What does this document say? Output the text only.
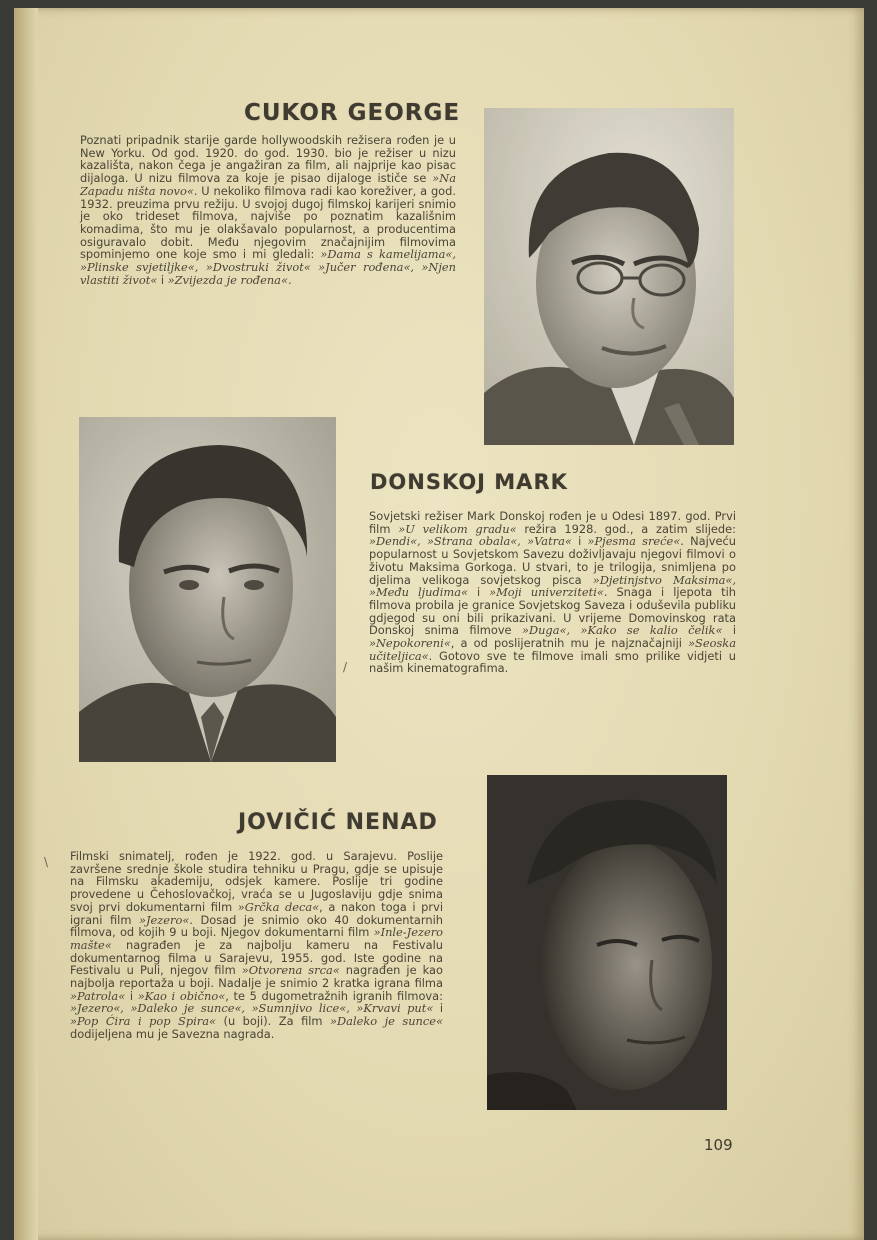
CUKOR GEORGE

Poznati pripadnik starije garde hollywoodskih režisera rođen je u New Yorku. Od god. 1920. do god. 1930. bio je režiser u nizu kazališta, nakon čega je angažiran za film, ali najprije kao pisac dijaloga. U nizu filmova za koje je pisao dijaloge ističe se »Na Zapadu ništa novo«. U nekoliko filmova radi kao koreživer, a god. 1932. preuzima prvu režiju. U svojoj dugoj filmskoj karijeri snimio je oko trideset filmova, najviše po poznatim kazališnim komadima, što mu je olakšavalo popularnost, a producentima osiguravalo dobit. Među njegovim značajnijim filmovima spominjemo one koje smo i mi gledali: »Dama s kamelijama«, »Plinske svjetiljke«, »Dvostruki život« »Jučer rođena«, »Njen vlastiti život« i »Zvijezda je rođena«.

DONSKOJ MARK

Sovjetski režiser Mark Donskoj rođen je u Odesi 1897. god. Prvi film »U velikom gradu« režira 1928. god., a zatim slijede: »Dendi«, »Strana obala«, »Vatra« i »Pjesma sreće«. Najveću popularnost u Sovjetskom Savezu doživljavaju njegovi filmovi o životu Maksima Gorkoga. U stvari, to je trilogija, snimljena po djelima velikoga sovjetskog pisca »Djetinjstvo Maksima«, »Među ljudima« i »Moji univerziteti«. Snaga i ljepota tih filmova probila je granice Sovjetskog Saveza i oduševila publiku gdjegod su oni bili prikazivani. U vrijeme Domovinskog rata Donskoj snima filmove »Duga«, »Kako se kalio čelik« i »Nepokoreni«, a od poslijeratnih mu je najznačajniji »Seoska učiteljica«. Gotovo sve te filmove imali smo prilike vidjeti u našim kinematografima.

/
JOVIČIĆ NENAD

Filmski snimatelj, rođen je 1922. god. u Sarajevu. Poslije završene srednje škole studira tehniku u Pragu, gdje se upisuje na Filmsku akademiju, odsjek kamere. Poslije tri godine provedene u Čehoslovačkoj, vraća se u Jugoslaviju gdje snima svoj prvi dokumentarni film »Grčka deca«, a nakon toga i prvi igrani film »Jezero«. Dosad je snimio oko 40 dokumentarnih filmova, od kojih 9 u boji. Njegov dokumentarni film »Inle-Jezero mašte« nagrađen je za najbolju kameru na Festivalu dokumentarnog filma u Sarajevu, 1955. god. Iste godine na Festivalu u Puli, njegov film »Otvorena srca« nagrađen je kao najbolja reportaža u boji. Nadalje je snimio 2 kratka igrana filma »Patrola« i »Kao i obično«, te 5 dugometražnih igranih filmova: »Jezero«, »Daleko je sunce«, »Sumnjivo lice«, »Krvavi put« i »Pop Ćira i pop Spira« (u boji). Za film »Daleko je sunce« dodijeljena mu je Savezna nagrada.

\
109
